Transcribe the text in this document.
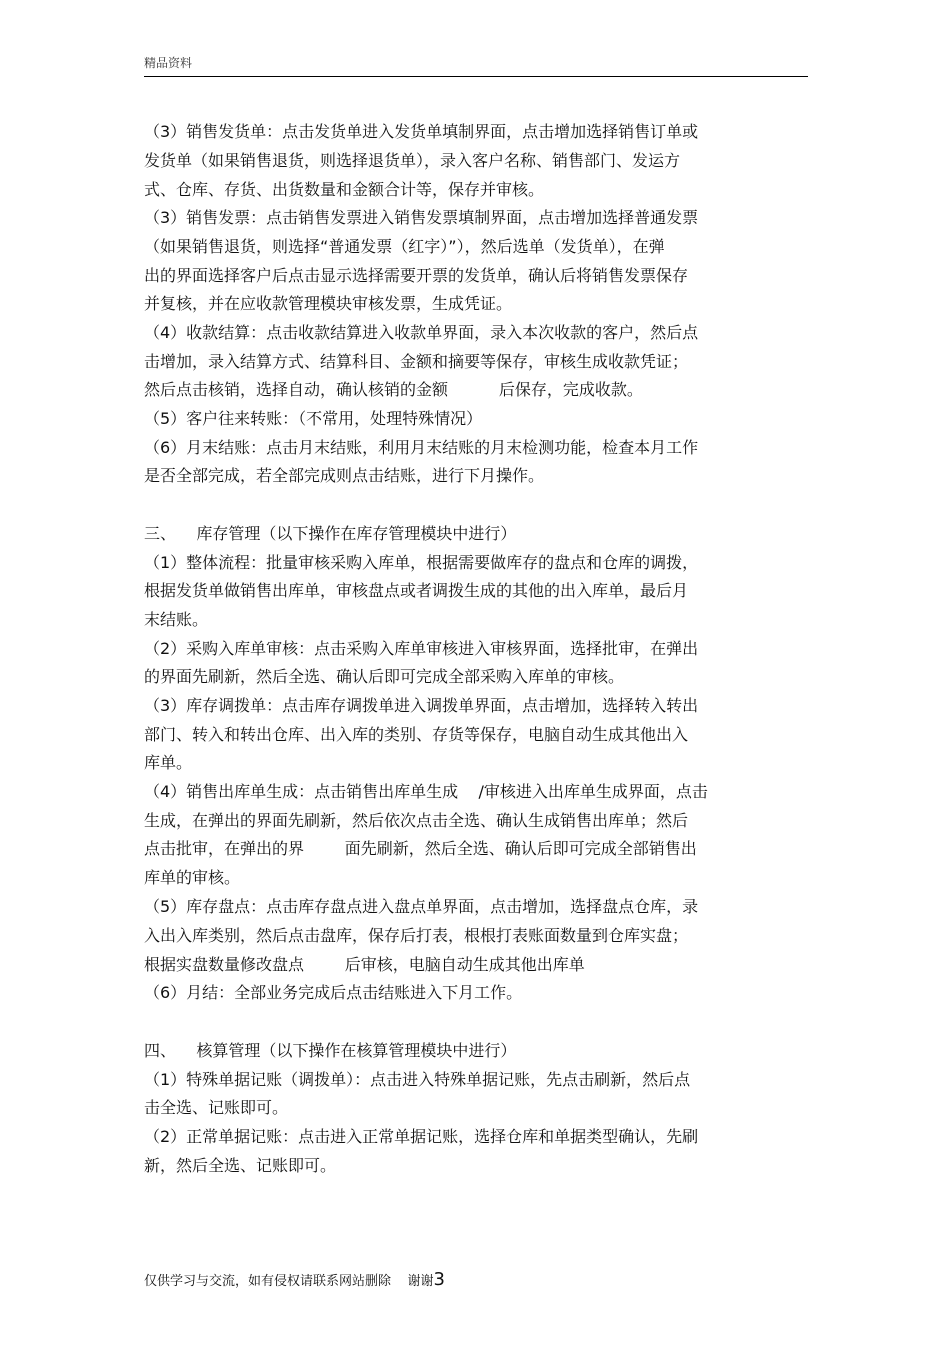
精品资料
（3）销售发货单：点击发货单进入发货单填制界面，点击增加选择销售订单或
发货单（如果销售退货，则选择退货单），录入客户名称、销售部门、发运方
式、仓库、存货、出货数量和金额合计等，保存并审核。
（3）销售发票：点击销售发票进入销售发票填制界面，点击增加选择普通发票
（如果销售退货，则选择“普通发票（红字）”），然后选单（发货单），在弹
出的界面选择客户后点击显示选择需要开票的发货单，确认后将销售发票保存
并复核，并在应收款管理模块审核发票，生成凭证。
（4）收款结算：点击收款结算进入收款单界面，录入本次收款的客户，然后点
击增加，录入结算方式、结算科目、金额和摘要等保存，审核生成收款凭证；
然后点击核销，选择自动，确认核销的金额          后保存，完成收款。
（5）客户往来转账：（不常用，处理特殊情况）
（6）月末结账：点击月末结账，利用月末结账的月末检测功能，检查本月工作
是否全部完成，若全部完成则点击结账，进行下月操作。
三、    库存管理（以下操作在库存管理模块中进行）
（1）整体流程：批量审核采购入库单，根据需要做库存的盘点和仓库的调拨，
根据发货单做销售出库单，审核盘点或者调拨生成的其他的出入库单，最后月
末结账。
（2）采购入库单审核：点击采购入库单审核进入审核界面，选择批审，在弹出
的界面先刷新，然后全选、确认后即可完成全部采购入库单的审核。
（3）库存调拨单：点击库存调拨单进入调拨单界面，点击增加，选择转入转出
部门、转入和转出仓库、出入库的类别、存货等保存，电脑自动生成其他出入
库单。
（4）销售出库单生成：点击销售出库单生成    /审核进入出库单生成界面，点击
生成，在弹出的界面先刷新，然后依次点击全选、确认生成销售出库单；然后
点击批审，在弹出的界        面先刷新，然后全选、确认后即可完成全部销售出
库单的审核。
（5）库存盘点：点击库存盘点进入盘点单界面，点击增加，选择盘点仓库，录
入出入库类别，然后点击盘库，保存后打表，根根打表账面数量到仓库实盘；
根据实盘数量修改盘点        后审核，电脑自动生成其他出库单
（6）月结：全部业务完成后点击结账进入下月工作。
四、    核算管理（以下操作在核算管理模块中进行）
（1）特殊单据记账（调拨单）：点击进入特殊单据记账，先点击刷新，然后点
击全选、记账即可。
（2）正常单据记账：点击进入正常单据记账，选择仓库和单据类型确认，先刷
新，然后全选、记账即可。
仅供学习与交流，如有侵权请联系网站删除    谢谢3
